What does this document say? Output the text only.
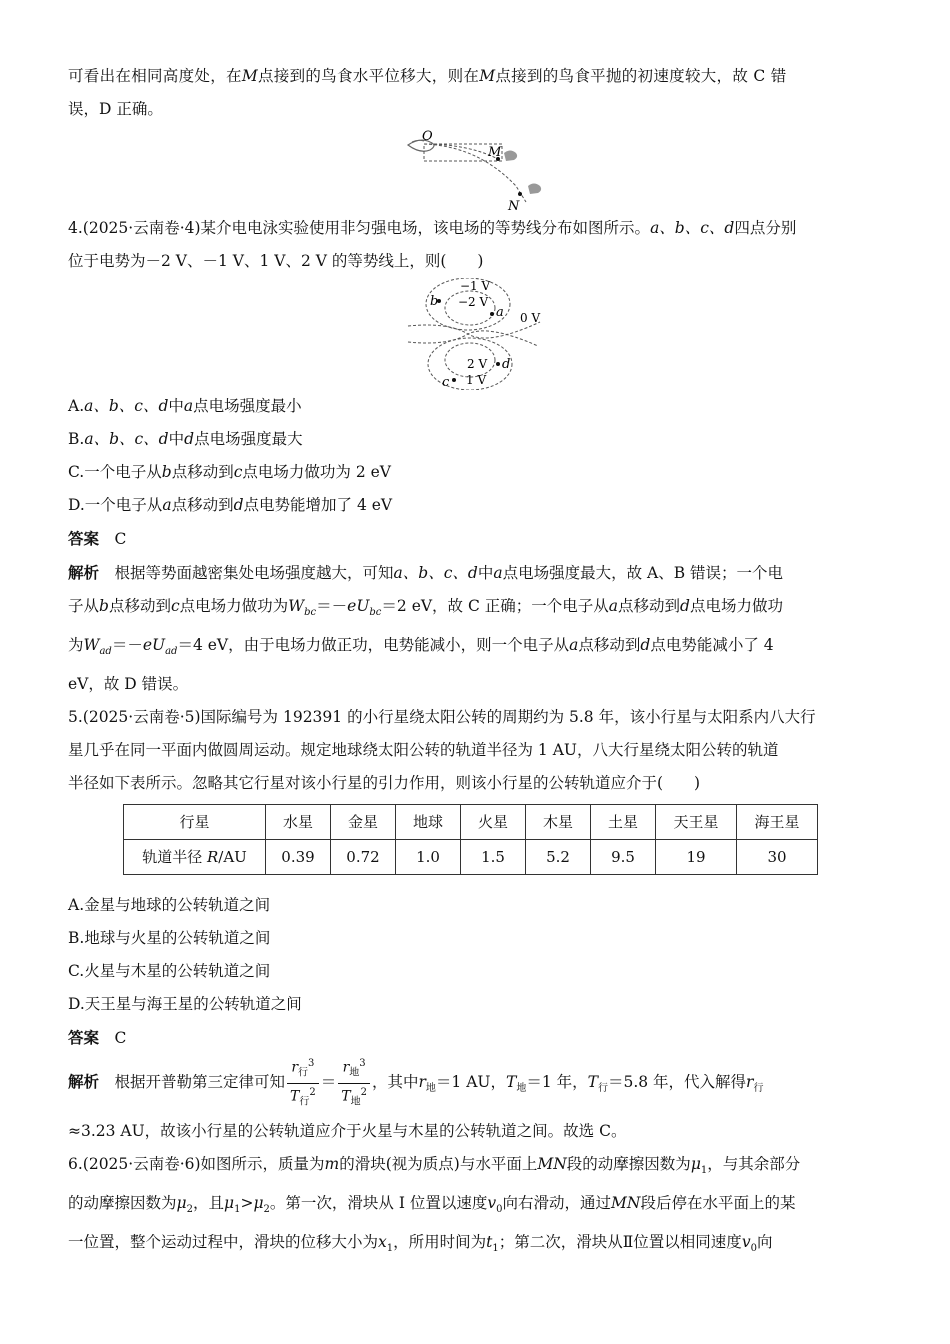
可看出在相同高度处，在M点接到的鸟食水平位移大，则在M点接到的鸟食平抛的初速度较大，故 C 错

误，D 正确。

O
M
N

4.(2025·云南卷·4)某介电电泳实验使用非匀强电场，该电场的等势线分布如图所示。a、b、c、d四点分别

位于电势为－2 V、－1 V、1 V、2 V 的等势线上，则(　　)

−1 V
−2 V
0 V
2 V
1 V
b
a
c
d

A.a、b、c、d中a点电场强度最小

B.a、b、c、d中d点电场强度最大

C.一个电子从b点移动到c点电场力做功为 2 eV

D.一个电子从a点移动到d点电势能增加了 4 eV

答案  C

解析  根据等势面越密集处电场强度越大，可知a、b、c、d中a点电场强度最大，故 A、B 错误；一个电

子从b点移动到c点电场力做功为$W_{bc}=-eU_{bc}=2$ eV，故 C 正确；一个电子从a点移动到d点电场力做功

为$W_{ad}=-eU_{ad}=4$ eV，由于电场力做正功，电势能减小，则一个电子从a点移动到d点电势能减小了 4

eV，故 D 错误。

5.(2025·云南卷·5)国际编号为 192391 的小行星绕太阳公转的周期约为 5.8 年，该小行星与太阳系内八大行

星几乎在同一平面内做圆周运动。规定地球绕太阳公转的轨道半径为 1 AU，八大行星绕太阳公转的轨道

半径如下表所示。忽略其它行星对该小行星的引力作用，则该小行星的公转轨道应介于(　　)

行星	水星	金星	地球	火星	木星	土星	天王星	海王星
轨道半径 R/AU	0.39	0.72	1.0	1.5	5.2	9.5	19	30

A.金星与地球的公转轨道之间

B.地球与火星的公转轨道之间

C.火星与木星的公转轨道之间

D.天王星与海王星的公转轨道之间

答案  C

解析  根据开普勒第三定律可知 $\frac{r_行^3}{T_行^2} = \frac{r_地^3}{T_地^2}$ ，其中$r_地=1$ AU，$T_地=1$ 年，$T_行=5.8$ 年，代入解得$r_行$

≈3.23 AU，故该小行星的公转轨道应介于火星与木星的公转轨道之间。故选 C。

6.(2025·云南卷·6)如图所示，质量为m的滑块(视为质点)与水平面上MN段的动摩擦因数为$\mu_1$，与其余部分

的动摩擦因数为$\mu_2$，且$\mu_1>\mu_2$。第一次，滑块从 Ⅰ 位置以速度$v_0$向右滑动，通过MN段后停在水平面上的某

一位置，整个运动过程中，滑块的位移大小为$x_1$，所用时间为$t_1$；第二次，滑块从Ⅱ位置以相同速度$v_0$向
